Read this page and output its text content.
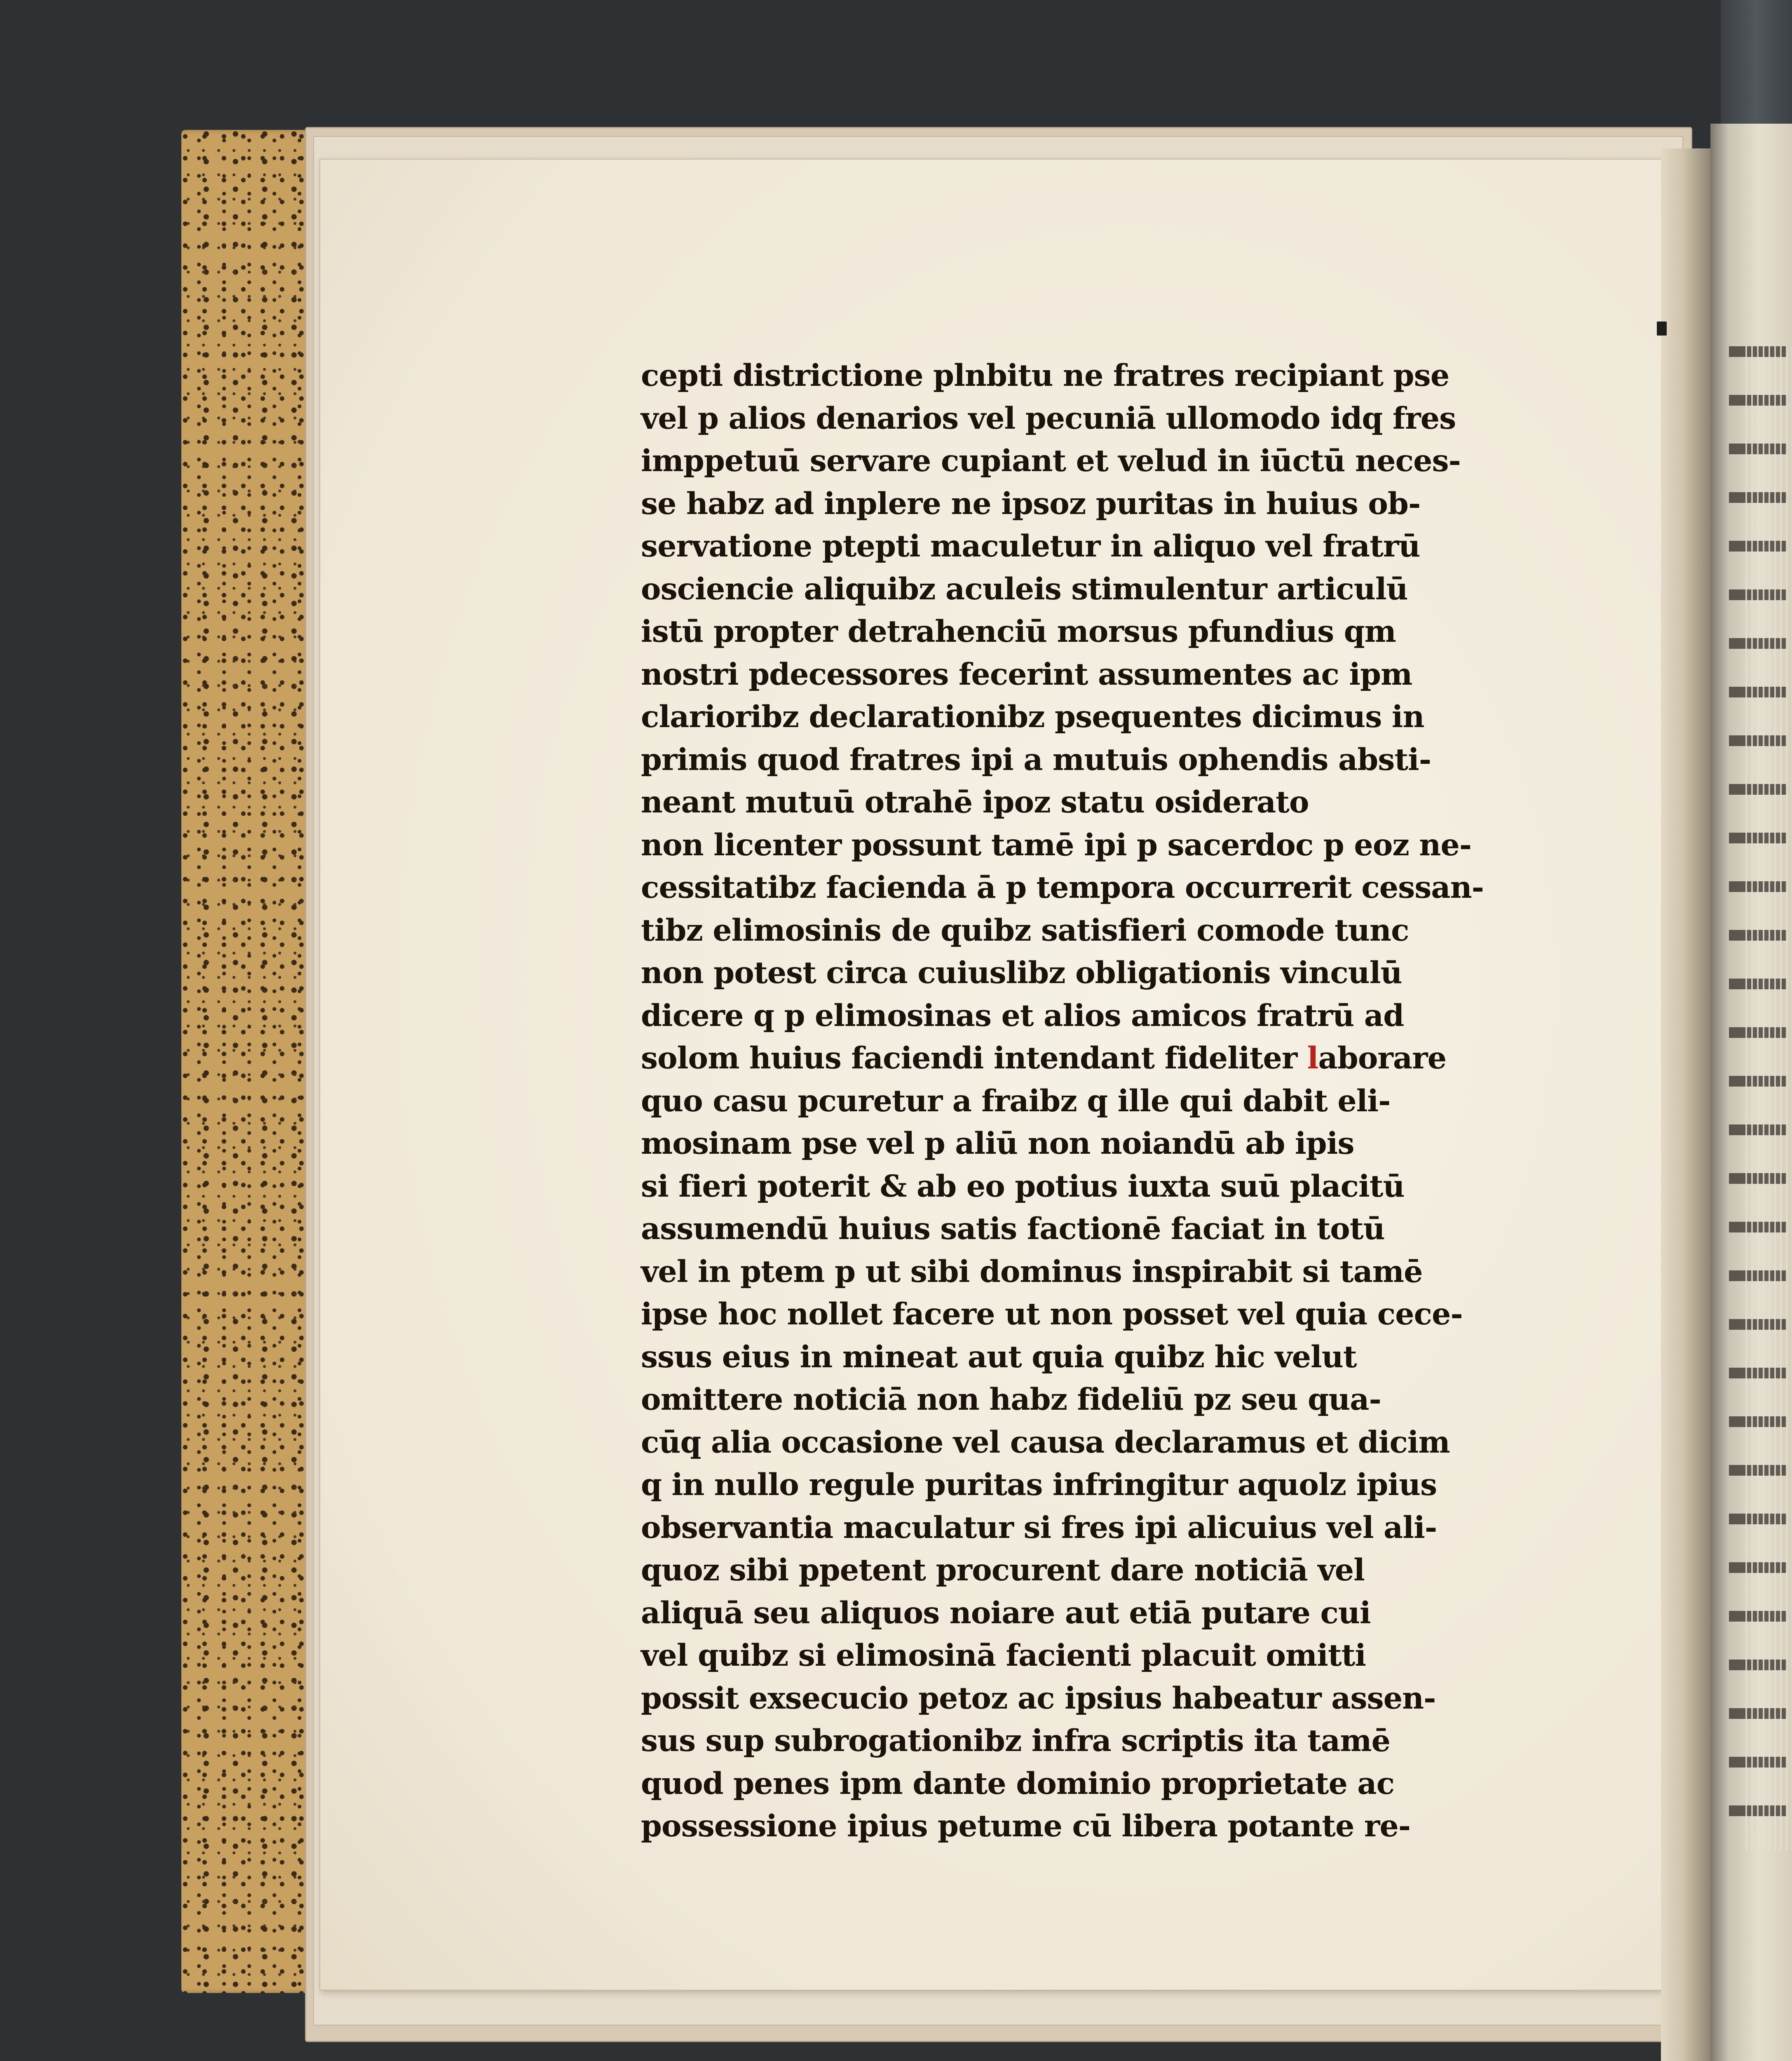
cepti districtione plnbitu ne fratres recipiant pse
vel p alios denarios vel pecuniā ullomodo idq fres
imppetuū servare cupiant et velud in iūctū neces-
se habz ad inplere ne ipsoz puritas in huius ob-
servatione ptepti maculetur in aliquo vel fratrū
osciencie aliquibz aculeis stimulentur articulū
istū propter detrahenciū morsus pfundius qm
nostri pdecessores fecerint assumentes ac ipm
clarioribz declarationibz psequentes dicimus in
primis quod fratres ipi a mutuis ophendis absti-
neant mutuū otrahē ipoz statu osiderato
non licenter possunt tamē ipi p sacerdoc p eoz ne-
cessitatibz facienda ā p tempora occurrerit cessan-
tibz elimosinis de quibz satisfieri comode tunc
non potest circa cuiuslibz obligationis vinculū
dicere q p elimosinas et alios amicos fratrū ad
solom huius faciendi intendant fideliter laborare
quo casu pcuretur a fraibz q ille qui dabit eli-
mosinam pse vel p aliū non noiandū ab ipis
si fieri poterit & ab eo potius iuxta suū placitū
assumendū huius satis factionē faciat in totū
vel in ptem p ut sibi dominus inspirabit si tamē
ipse hoc nollet facere ut non posset vel quia cece-
ssus eius in mineat aut quia quibz hic velut
omittere noticiā non habz fideliū pz seu qua-
cūq alia occasione vel causa declaramus et dicim
q in nullo regule puritas infringitur aquolz ipius
observantia maculatur si fres ipi alicuius vel ali-
quoz sibi ppetent procurent dare noticiā vel
aliquā seu aliquos noiare aut etiā putare cui
vel quibz si elimosinā facienti placuit omitti
possit exsecucio petoz ac ipsius habeatur assen-
sus sup subrogationibz infra scriptis ita tamē
quod penes ipm dante dominio proprietate ac
possessione ipius petume cū libera potante re-
